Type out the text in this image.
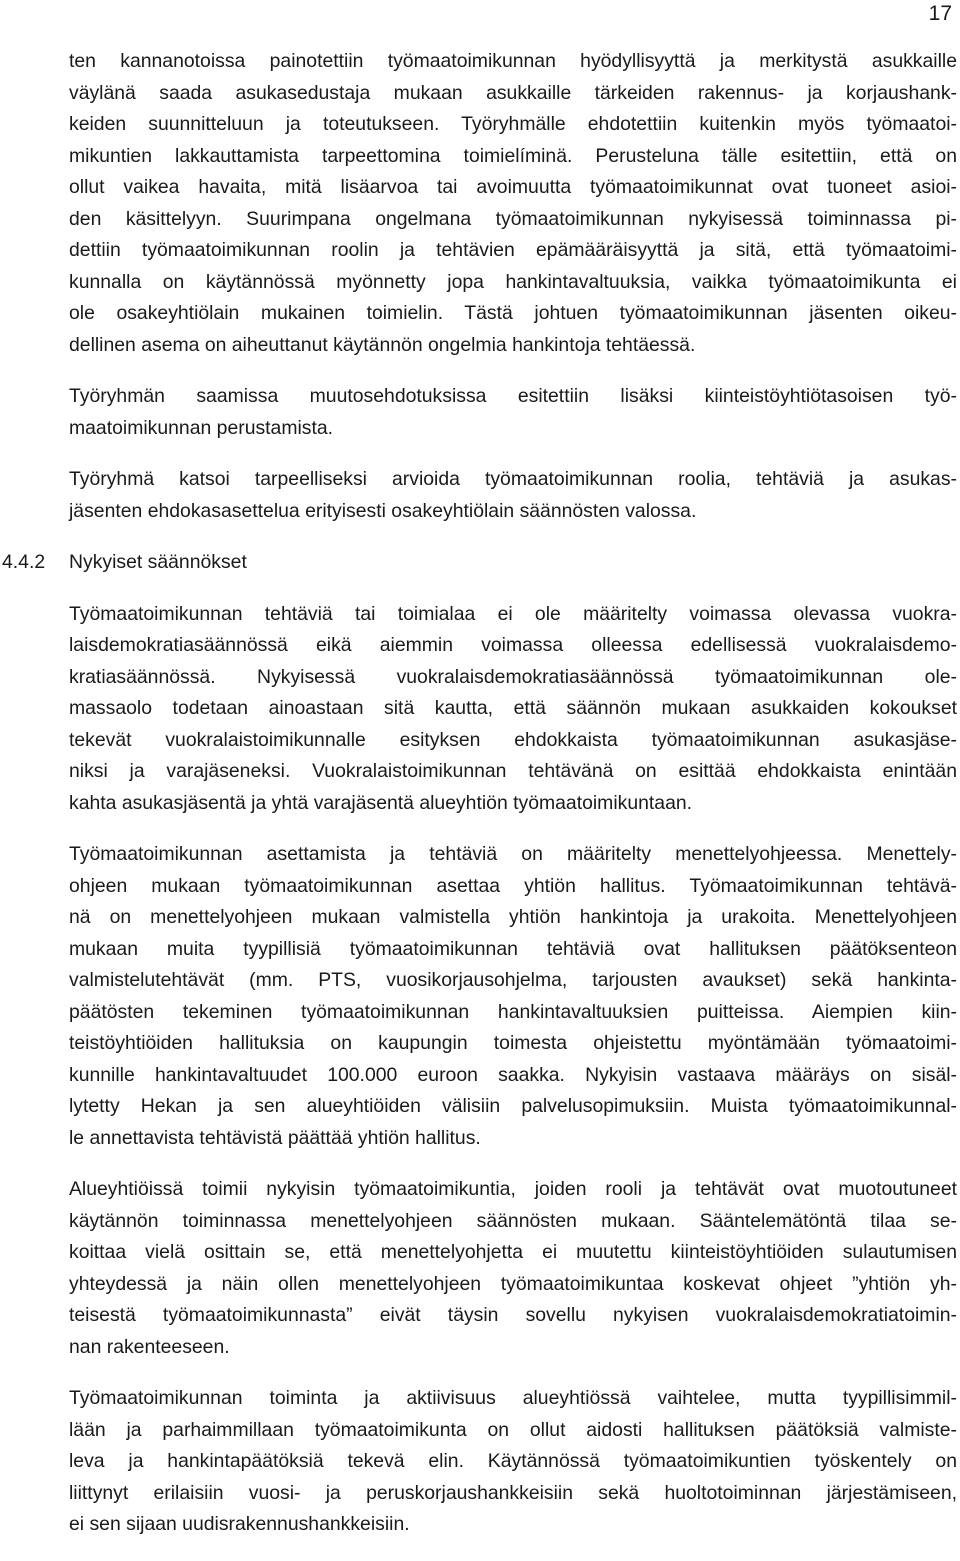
17
ten kannanotoissa painotettiin työmaatoimikunnan hyödyllisyyttä ja merkitystä asukkaille
väylänä saada asukasedustaja mukaan asukkaille tärkeiden rakennus- ja korjaushank-
keiden suunnitteluun ja toteutukseen. Työryhmälle ehdotettiin kuitenkin myös työmaatoi-
mikuntien lakkauttamista tarpeettomina toimielíminä. Perusteluna tälle esitettiin, että on
ollut vaikea havaita, mitä lisäarvoa tai avoimuutta työmaatoimikunnat ovat tuoneet asioi-
den käsittelyyn. Suurimpana ongelmana työmaatoimikunnan nykyisessä toiminnassa pi-
dettiin työmaatoimikunnan roolin ja tehtävien epämääräisyyttä ja sitä, että työmaatoimi-
kunnalla on käytännössä myönnetty jopa hankintavaltuuksia, vaikka työmaatoimikunta ei
ole osakeyhtiölain mukainen toimielin. Tästä johtuen työmaatoimikunnan jäsenten oikeu-
dellinen asema on aiheuttanut käytännön ongelmia hankintoja tehtäessä.
Työryhmän saamissa muutosehdotuksissa esitettiin lisäksi kiinteistöyhtiötasoisen työ-
maatoimikunnan perustamista.
Työryhmä katsoi tarpeelliseksi arvioida työmaatoimikunnan roolia, tehtäviä ja asukas-
jäsenten ehdokasasettelua erityisesti osakeyhtiölain säännösten valossa.
4.4.2 Nykyiset säännökset
Työmaatoimikunnan tehtäviä tai toimialaa ei ole määritelty voimassa olevassa vuokra-
laisdemokratiasäännössä eikä aiemmin voimassa olleessa edellisessä vuokralaisdemo-
kratiasäännössä. Nykyisessä vuokralaisdemokratiasäännössä työmaatoimikunnan ole-
massaolo todetaan ainoastaan sitä kautta, että säännön mukaan asukkaiden kokoukset
tekevät vuokralaistoimikunnalle esityksen ehdokkaista työmaatoimikunnan asukasjäse-
niksi ja varajäseneksi. Vuokralaistoimikunnan tehtävänä on esittää ehdokkaista enintään
kahta asukasjäsentä ja yhtä varajäsentä alueyhtiön työmaatoimikuntaan.
Työmaatoimikunnan asettamista ja tehtäviä on määritelty menettelyohjeessa. Menettely-
ohjeen mukaan työmaatoimikunnan asettaa yhtiön hallitus. Työmaatoimikunnan tehtävä-
nä on menettelyohjeen mukaan valmistella yhtiön hankintoja ja urakoita. Menettelyohjeen
mukaan muita tyypillisiä työmaatoimikunnan tehtäviä ovat hallituksen päätöksenteon
valmistelutehtävät (mm. PTS, vuosikorjausohjelma, tarjousten avaukset) sekä hankinta-
päätösten tekeminen työmaatoimikunnan hankintavaltuuksien puitteissa. Aiempien kiin-
teistöyhtiöiden hallituksia on kaupungin toimesta ohjeistettu myöntämään työmaatoimi-
kunnille hankintavaltuudet 100.000 euroon saakka. Nykyisin vastaava määräys on sisäl-
lytetty Hekan ja sen alueyhtiöiden välisiin palvelusopimuksiin. Muista työmaatoimikunnal-
le annettavista tehtävistä päättää yhtiön hallitus.
Alueyhtiöissä toimii nykyisin työmaatoimikuntia, joiden rooli ja tehtävät ovat muotoutuneet
käytännön toiminnassa menettelyohjeen säännösten mukaan. Sääntelemätöntä tilaa se-
koittaa vielä osittain se, että menettelyohjetta ei muutettu kiinteistöyhtiöiden sulautumisen
yhteydessä ja näin ollen menettelyohjeen työmaatoimikuntaa koskevat ohjeet ”yhtiön yh-
teisestä työmaatoimikunnasta” eivät täysin sovellu nykyisen vuokralaisdemokratiatoimin-
nan rakenteeseen.
Työmaatoimikunnan toiminta ja aktiivisuus alueyhtiössä vaihtelee, mutta tyypillisimmil-
lään ja parhaimmillaan työmaatoimikunta on ollut aidosti hallituksen päätöksiä valmiste-
leva ja hankintapäätöksiä tekevä elin. Käytännössä työmaatoimikuntien työskentely on
liittynyt erilaisiin vuosi- ja peruskorjaushankkeisiin sekä huoltotoiminnan järjestämiseen,
ei sen sijaan uudisrakennushankkeisiin.
